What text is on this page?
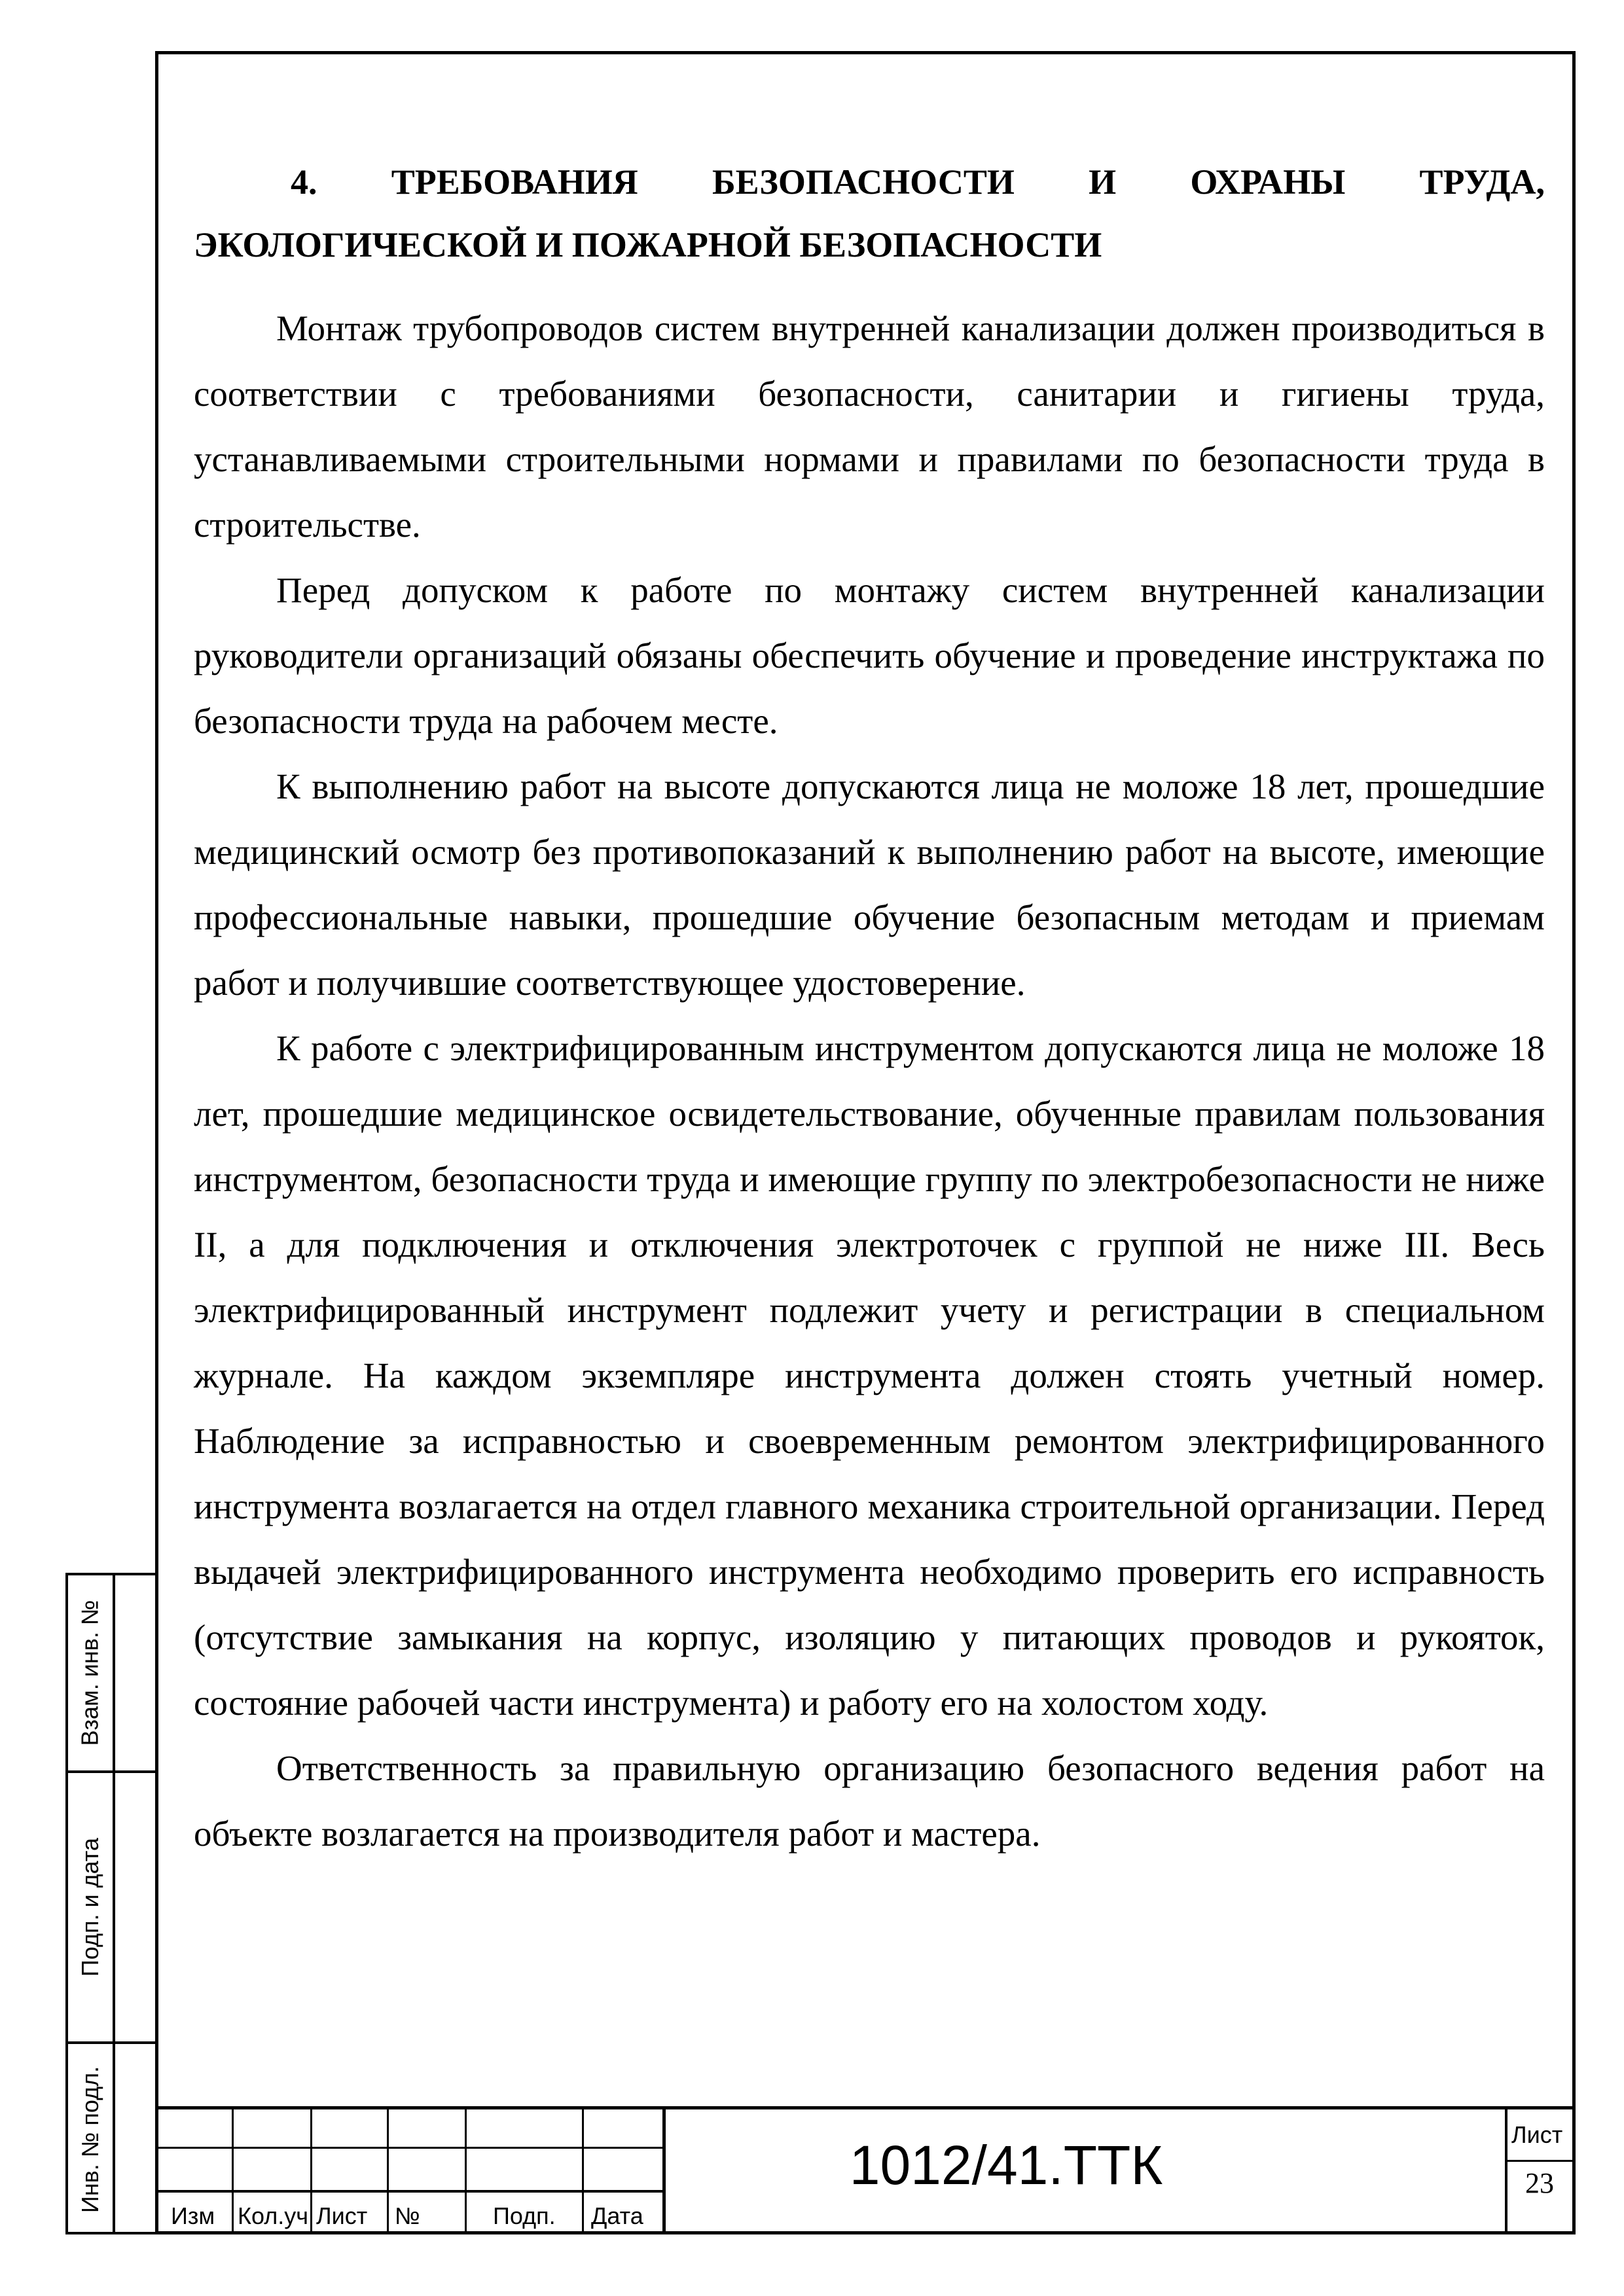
4. ТРЕБОВАНИЯ БЕЗОПАСНОСТИ И ОХРАНЫ ТРУДА, ЭКОЛОГИЧЕСКОЙ И ПОЖАРНОЙ БЕЗОПАСНОСТИ

Монтаж трубопроводов систем внутренней канализации должен производиться в соответствии с требованиями безопасности, санитарии и гигиены труда, устанавливаемыми строительными нормами и правилами по безопасности труда в строительстве.

Перед допуском к работе по монтажу систем внутренней канализации руководители организаций обязаны обеспечить обучение и проведение инструктажа по безопасности труда на рабочем месте.

К выполнению работ на высоте допускаются лица не моложе 18 лет, прошедшие медицинский осмотр без противопоказаний к выполнению работ на высоте, имеющие профессиональные навыки, прошедшие обучение безопасным методам и приемам работ и получившие соответствующее удостоверение.

К работе с электрифицированным инструментом допускаются лица не моложе 18 лет, прошедшие медицинское освидетельствование, обученные правилам пользования инструментом, безопасности труда и имеющие группу по электробезопасности не ниже II, а для подключения и отключения электроточек с группой не ниже III. Весь электрифицированный инструмент подлежит учету и регистрации в специальном журнале. На каждом экземпляре инструмента должен стоять учетный номер. Наблюдение за исправностью и своевременным ремонтом электрифицированного инструмента возлагается на отдел главного механика строительной организации. Перед выдачей электрифицированного инструмента необходимо проверить его исправность (отсутствие замыкания на корпус, изоляцию у питающих проводов и рукояток, состояние рабочей части инструмента) и работу его на холостом ходу.

Ответственность за правильную организацию безопасного ведения работ на объекте возлагается на производителя работ и мастера.

Взам. инв. №
Подп. и дата
Инв. № подл.
Изм Кол.уч Лист №	Подп. Дата
1012/41.ТТК	Лист
23
